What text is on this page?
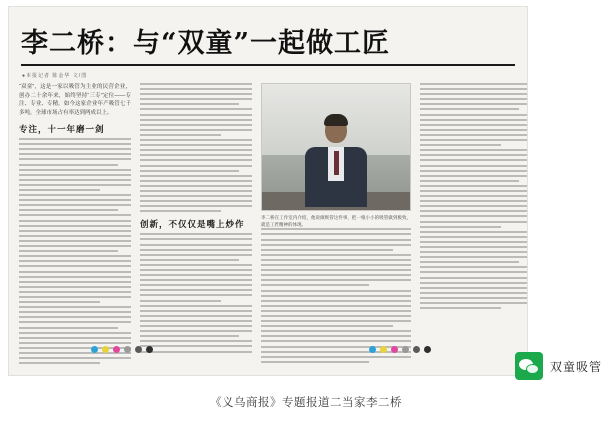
李二桥：与“双童”一起做工匠
●本报记者 陈金华 文/图
“双童”，这是一家以吸管为主业的民营企业，创办二十余年来，始终坚持“三专”定位——专注、专业、专精。如今这家企业年产吸管七千多吨，全球市场占有率达到两成以上。
专注，十一年磨一剑
创新，不仅仅是嘴上炒作
李二桥在工作室内介绍，他说做吸管这件事，把一根小小的吸管做到极致，就是工匠精神的体现。
双童吸管
《义乌商报》专题报道二当家李二桥
